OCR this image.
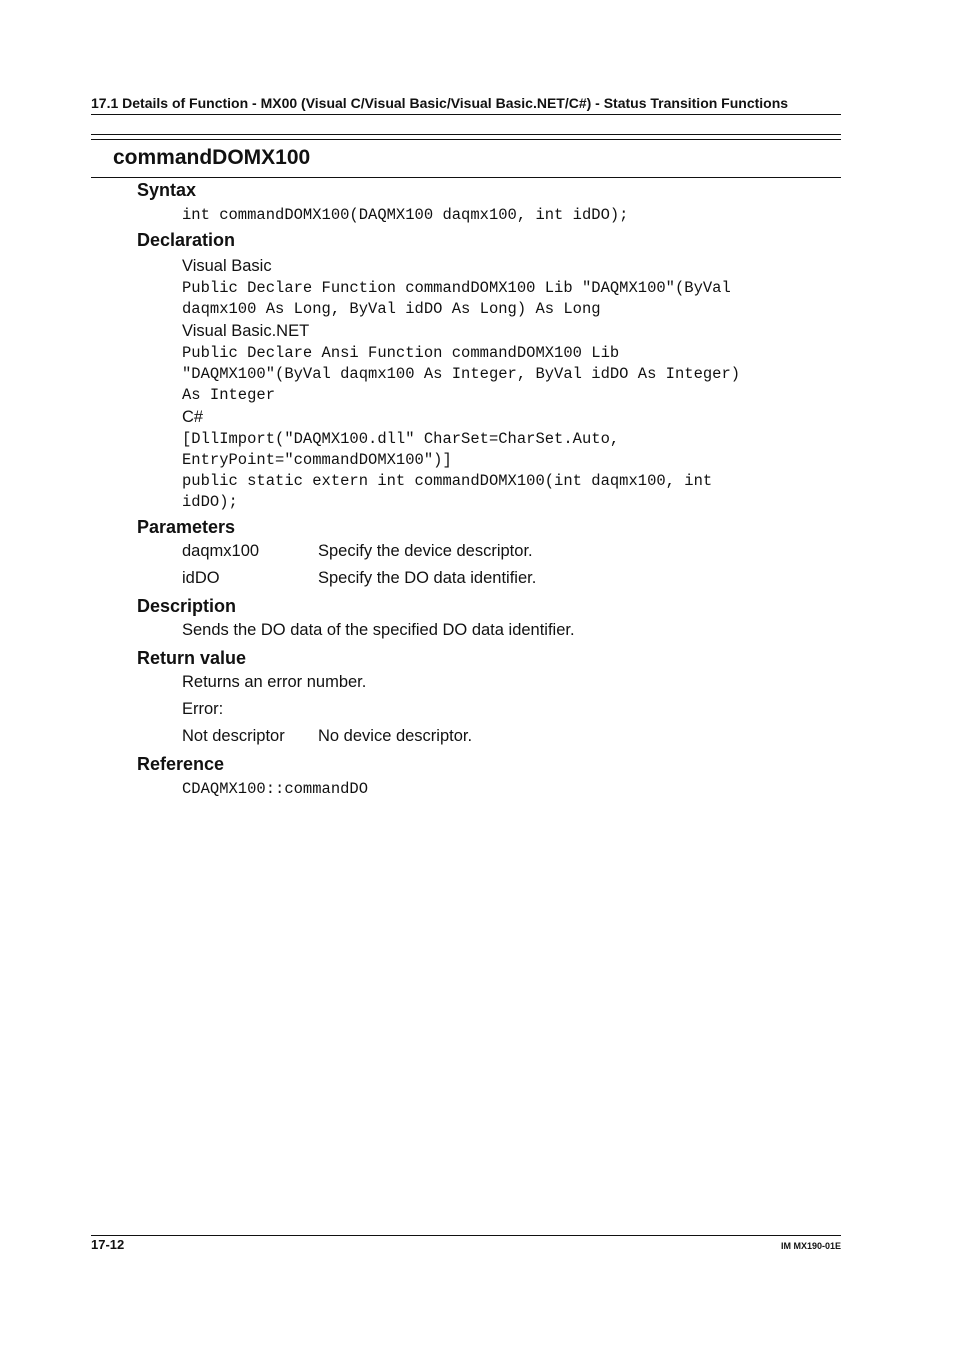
17.1 Details of Function - MX00 (Visual C/Visual Basic/Visual Basic.NET/C#) - Status Transition Functions
commandDOMX100
Syntax
int commandDOMX100(DAQMX100 daqmx100, int idDO);
Declaration
Visual Basic
Public Declare Function commandDOMX100 Lib "DAQMX100"(ByVal
daqmx100 As Long, ByVal idDO As Long) As Long
Visual Basic.NET
Public Declare Ansi Function commandDOMX100 Lib
"DAQMX100"(ByVal daqmx100 As Integer, ByVal idDO As Integer)
As Integer
C#
[DllImport("DAQMX100.dll" CharSet=CharSet.Auto,
EntryPoint="commandDOMX100")]
public static extern int commandDOMX100(int daqmx100, int
idDO);
Parameters
daqmx100	Specify the device descriptor.
idDO	Specify the DO data identifier.
Description
Sends the DO data of the specified DO data identifier.
Return value
Returns an error number.
Error:
Not descriptor	No device descriptor.
Reference
CDAQMX100::commandDO
17-12	IM MX190-01E
